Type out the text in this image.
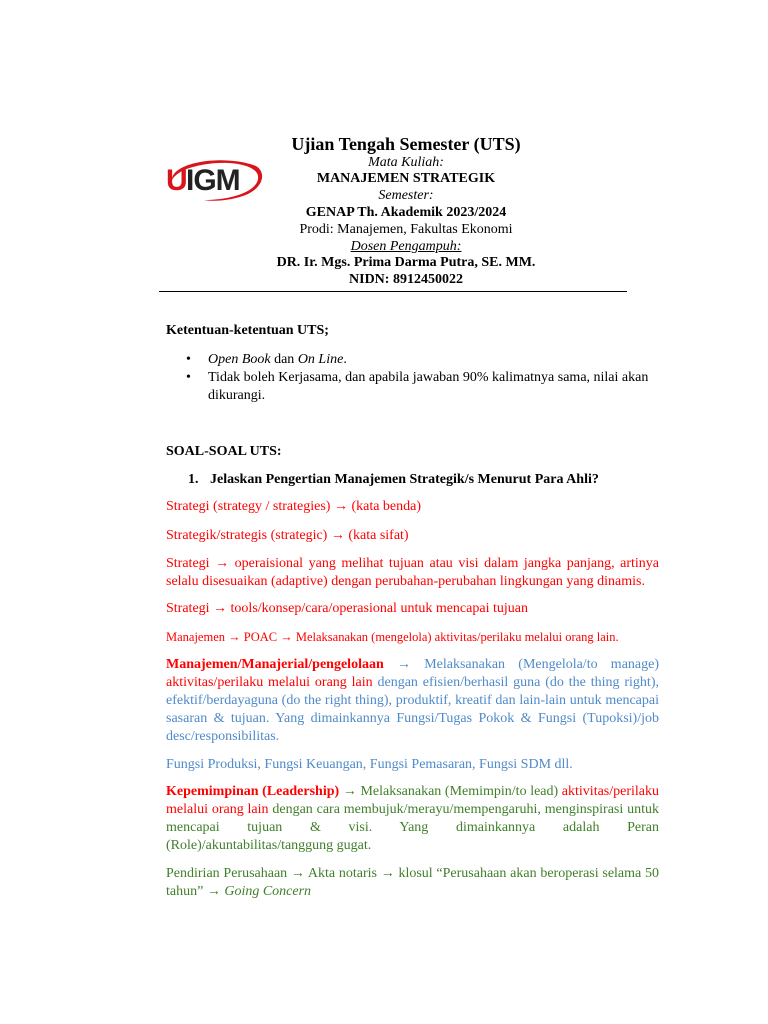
U IGM
Ujian Tengah Semester (UTS)
Mata Kuliah:
MANAJEMEN STRATEGIK
Semester:
GENAP Th. Akademik 2023/2024
Prodi: Manajemen, Fakultas Ekonomi
Dosen Pengampuh:
DR. Ir. Mgs. Prima Darma Putra, SE. MM.
NIDN: 8912450022
Ketentuan-ketentuan UTS;
• Open Book dan On Line.
• Tidak boleh Kerjasama, dan apabila jawaban 90% kalimatnya sama, nilai akan dikurangi.
SOAL-SOAL UTS:
1. Jelaskan Pengertian Manajemen Strategik/s Menurut Para Ahli?
Strategi (strategy / strategies) → (kata benda)
Strategik/strategis (strategic) → (kata sifat)
Strategi → operaisional yang melihat tujuan atau visi dalam jangka panjang, artinya selalu disesuaikan (adaptive) dengan perubahan-perubahan lingkungan yang dinamis.
Strategi → tools/konsep/cara/operasional untuk mencapai tujuan
Manajemen → POAC → Melaksanakan (mengelola) aktivitas/perilaku melalui orang lain.
Manajemen/Manajerial/pengelolaan → Melaksanakan (Mengelola/to manage) aktivitas/perilaku melalui orang lain dengan efisien/berhasil guna (do the thing right), efektif/berdayaguna (do the right thing), produktif, kreatif dan lain-lain untuk mencapai sasaran & tujuan. Yang dimainkannya Fungsi/Tugas Pokok & Fungsi (Tupoksi)/job desc/responsibilitas.
Fungsi Produksi, Fungsi Keuangan, Fungsi Pemasaran, Fungsi SDM dll.
Kepemimpinan (Leadership) → Melaksanakan (Memimpin/to lead) aktivitas/perilaku melalui orang lain dengan cara membujuk/merayu/mempengaruhi, menginspirasi untuk mencapai tujuan & visi. Yang dimainkannya adalah Peran (Role)/akuntabilitas/tanggung gugat.
Pendirian Perusahaan → Akta notaris → klosul “Perusahaan akan beroperasi selama 50 tahun” → Going Concern
